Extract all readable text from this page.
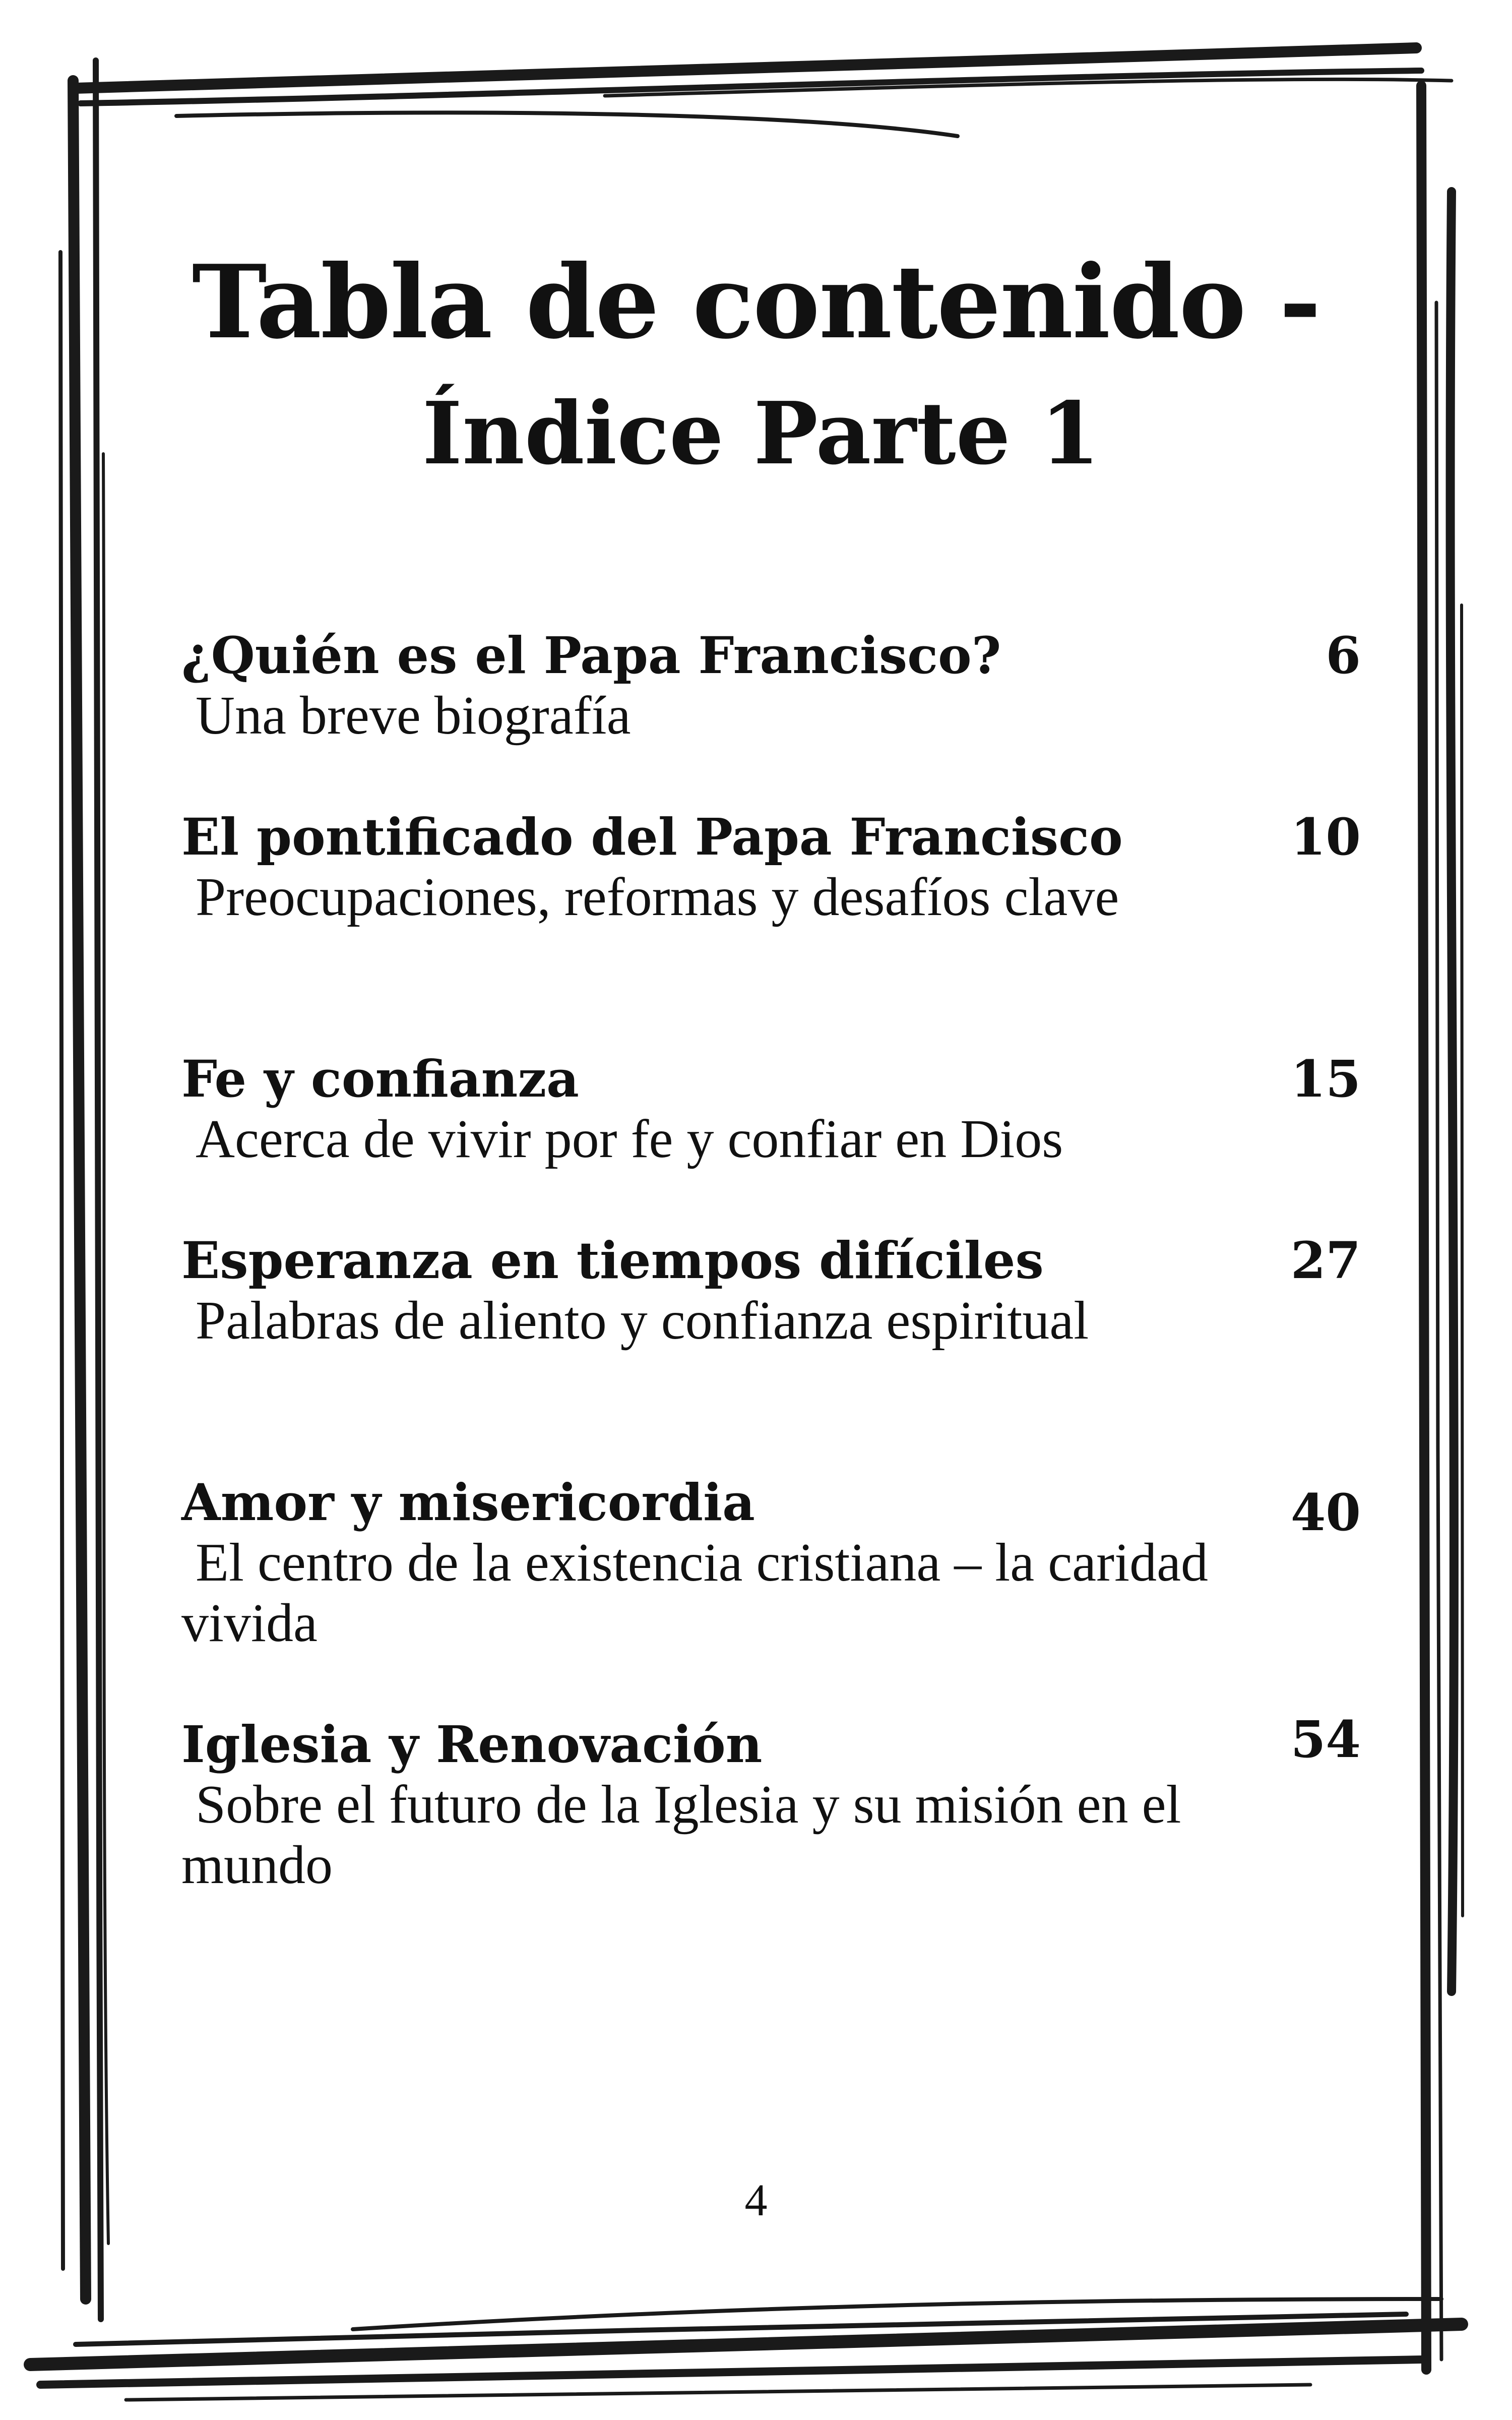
Tabla de contenido -
Índice Parte 1
¿Quién es el Papa Francisco?
Una breve biografía
6
El pontificado del Papa Francisco
Preocupaciones, reformas y desafíos clave
10
Fe y confianza
Acerca de vivir por fe y confiar en Dios
15
Esperanza en tiempos difíciles
Palabras de aliento y confianza espiritual
27
Amor y misericordia
El centro de la existencia cristiana – la caridad vivida
40
Iglesia y Renovación
Sobre el futuro de la Iglesia y su misión en el mundo
54
4
